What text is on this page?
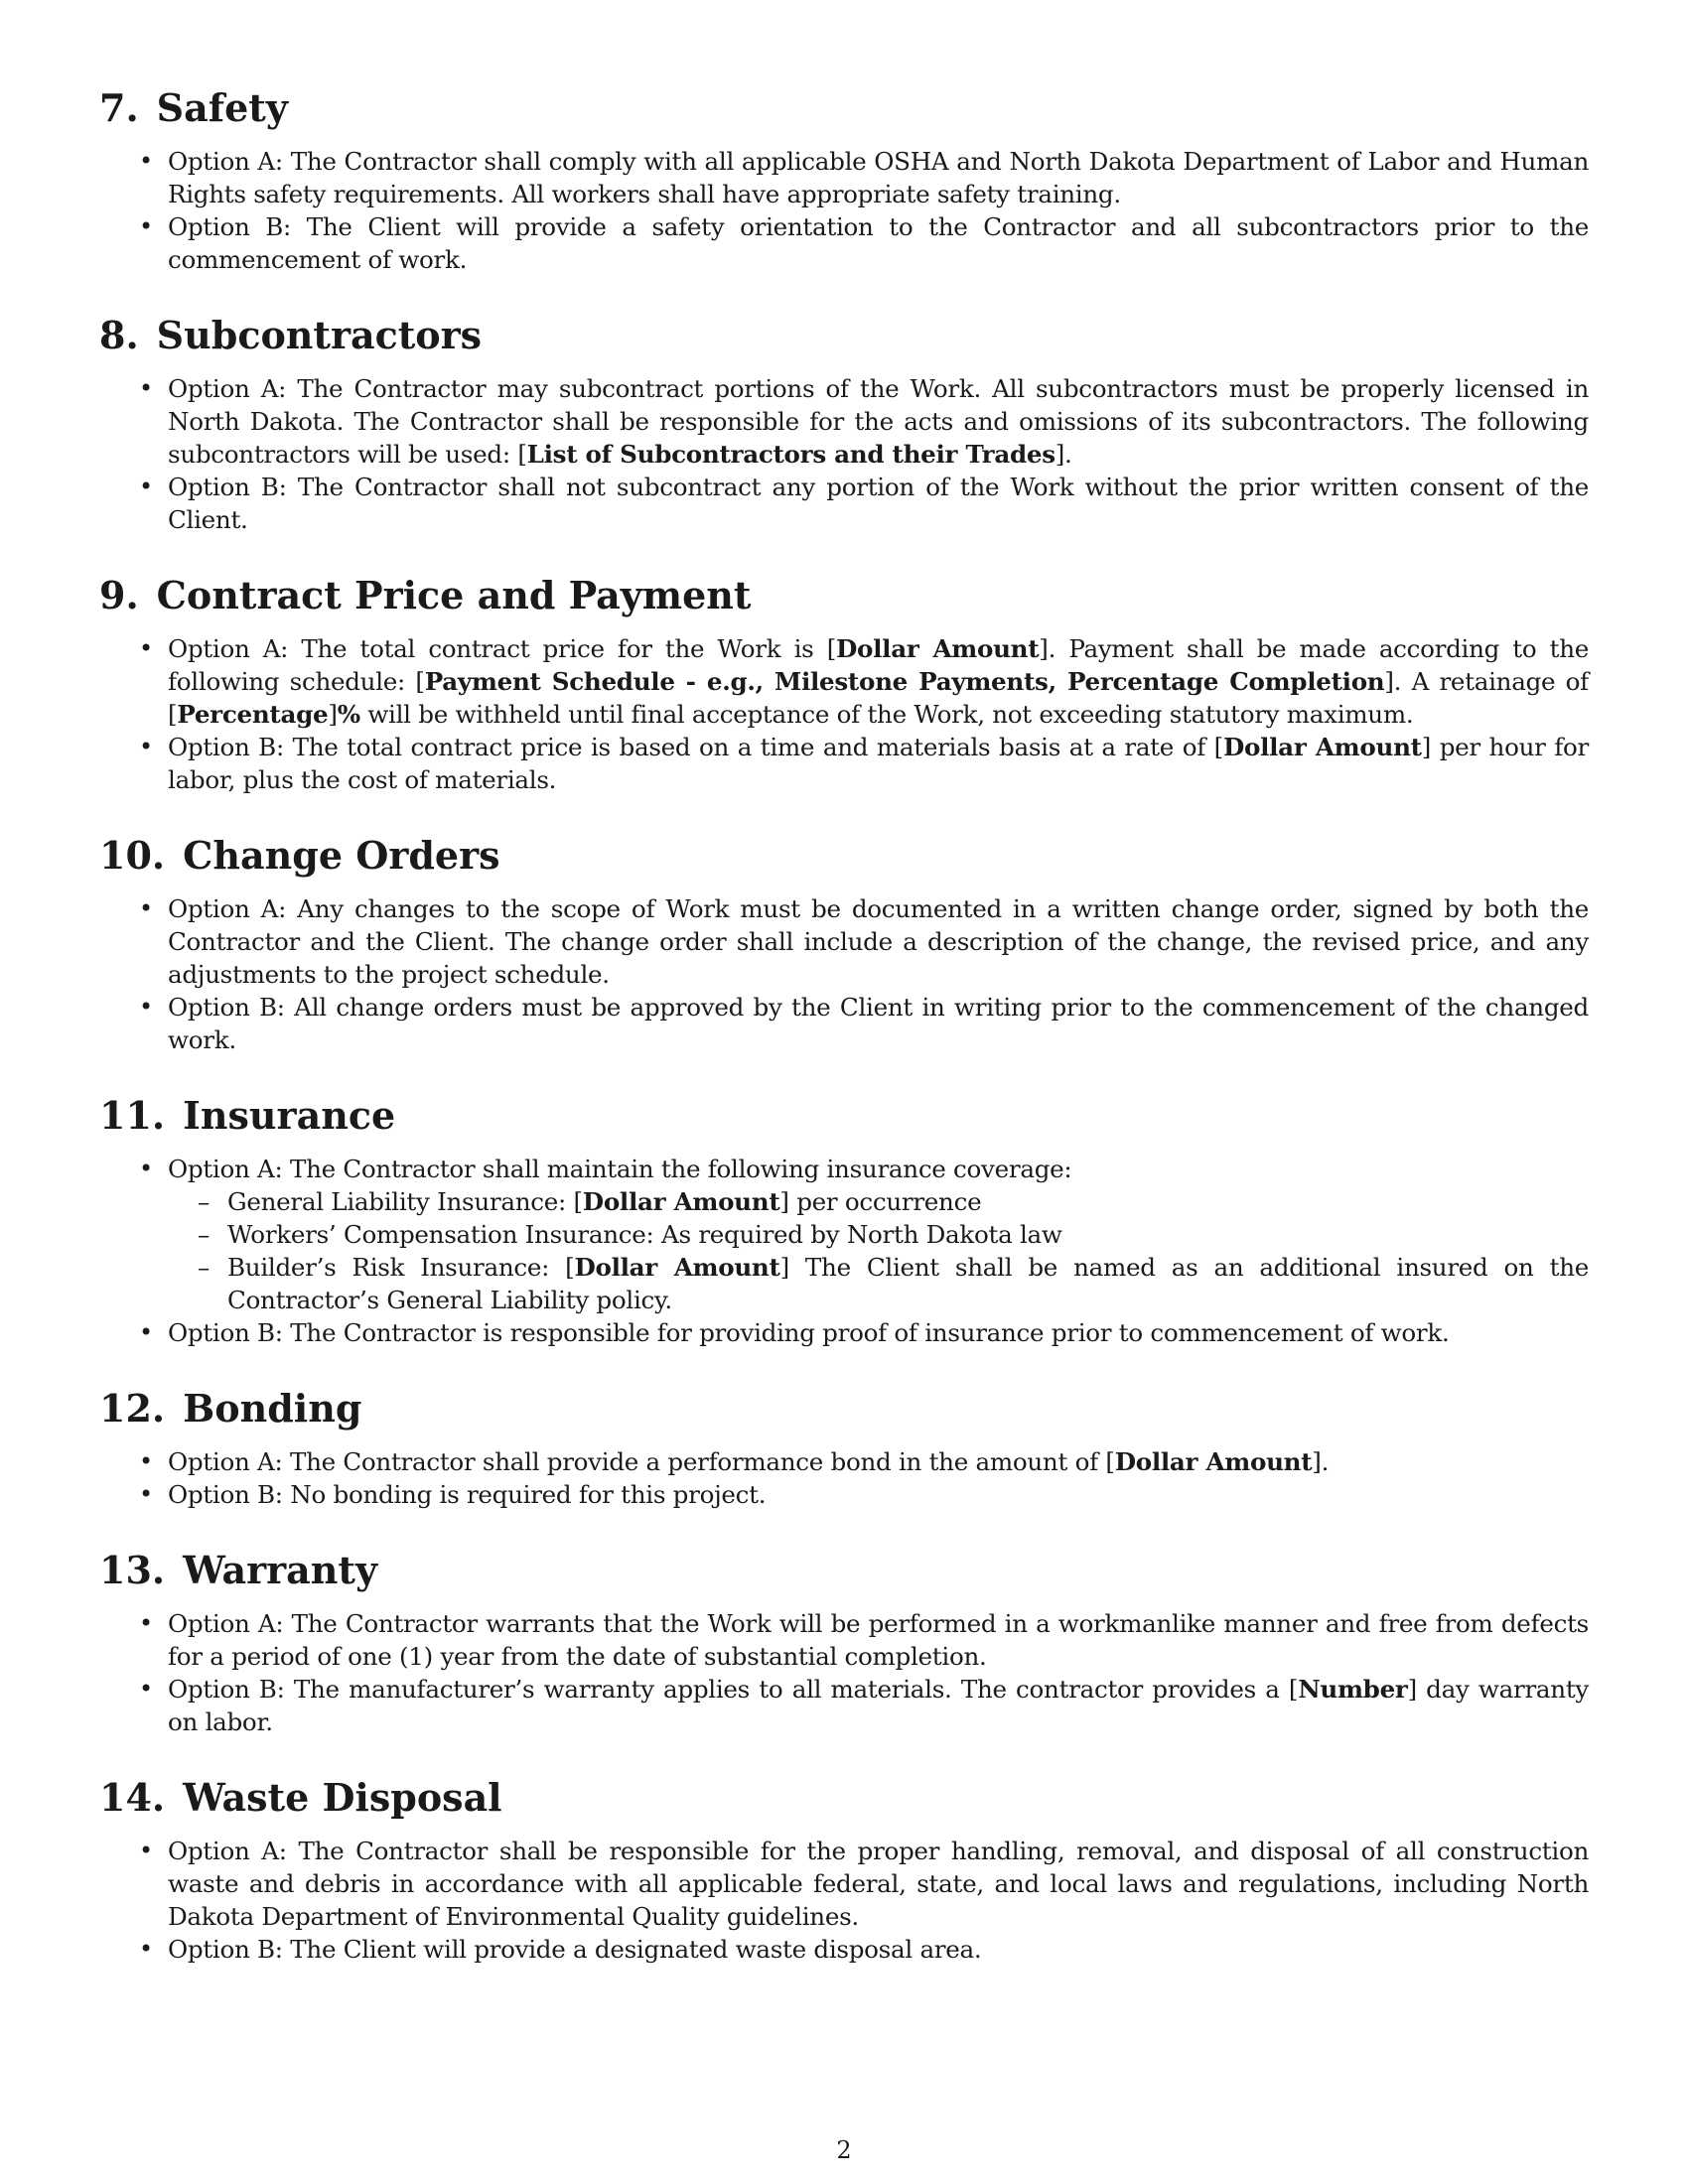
7. Safety
• Option A: The Contractor shall comply with all applicable OSHA and North Dakota Department of Labor and Human Rights safety requirements. All workers shall have appropriate safety training.
• Option B: The Client will provide a safety orientation to the Contractor and all subcontractors prior to the commencement of work.
8. Subcontractors
• Option A: The Contractor may subcontract portions of the Work. All subcontractors must be properly licensed in North Dakota. The Contractor shall be responsible for the acts and omissions of its subcontractors. The following subcontractors will be used: [List of Subcontractors and their Trades].
• Option B: The Contractor shall not subcontract any portion of the Work without the prior written consent of the Client.
9. Contract Price and Payment
• Option A: The total contract price for the Work is [Dollar Amount]. Payment shall be made according to the following schedule: [Payment Schedule - e.g., Milestone Payments, Percentage Completion]. A retainage of [Percentage]% will be withheld until final acceptance of the Work, not exceeding statutory maximum.
• Option B: The total contract price is based on a time and materials basis at a rate of [Dollar Amount] per hour for labor, plus the cost of materials.
10. Change Orders
• Option A: Any changes to the scope of Work must be documented in a written change order, signed by both the Contractor and the Client. The change order shall include a description of the change, the revised price, and any adjustments to the project schedule.
• Option B: All change orders must be approved by the Client in writing prior to the commencement of the changed work.
11. Insurance
• Option A: The Contractor shall maintain the following insurance coverage:
– General Liability Insurance: [Dollar Amount] per occurrence
– Workers’ Compensation Insurance: As required by North Dakota law
– Builder’s Risk Insurance: [Dollar Amount] The Client shall be named as an additional insured on the Contractor’s General Liability policy.
• Option B: The Contractor is responsible for providing proof of insurance prior to commencement of work.
12. Bonding
• Option A: The Contractor shall provide a performance bond in the amount of [Dollar Amount].
• Option B: No bonding is required for this project.
13. Warranty
• Option A: The Contractor warrants that the Work will be performed in a workmanlike manner and free from defects for a period of one (1) year from the date of substantial completion.
• Option B: The manufacturer’s warranty applies to all materials. The contractor provides a [Number] day warranty on labor.
14. Waste Disposal
• Option A: The Contractor shall be responsible for the proper handling, removal, and disposal of all construction waste and debris in accordance with all applicable federal, state, and local laws and regulations, including North Dakota Department of Environmental Quality guidelines.
• Option B: The Client will provide a designated waste disposal area.
2
